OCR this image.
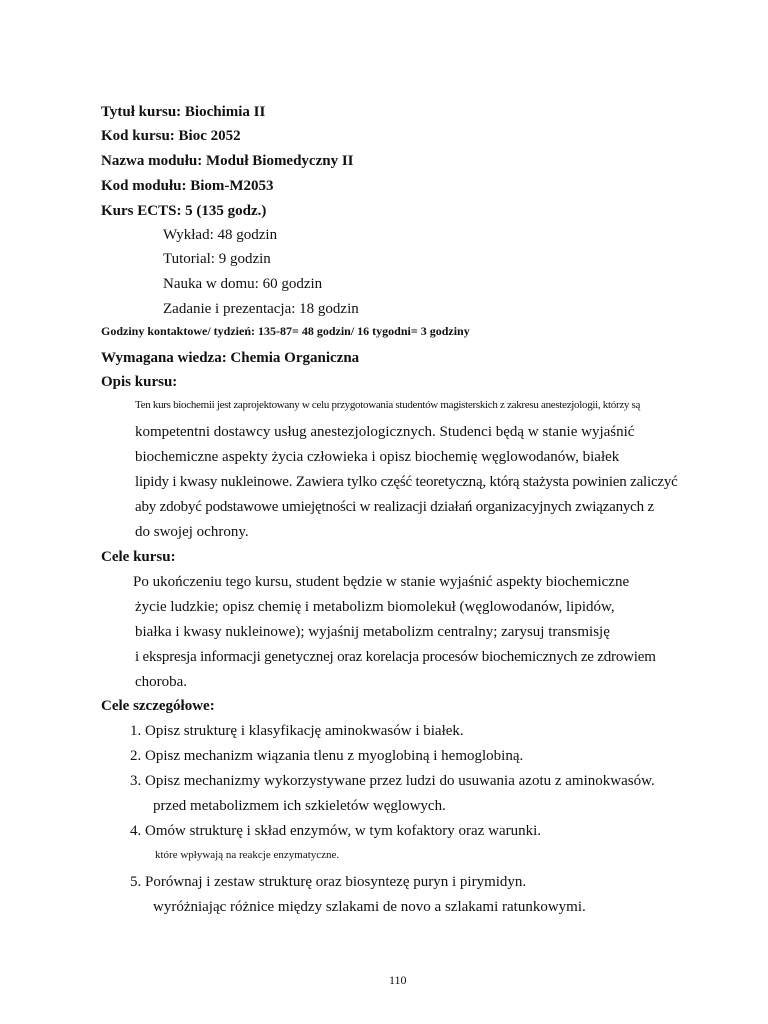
Tytuł kursu: Biochimia II
Kod kursu: Bioc 2052
Nazwa modułu: Moduł Biomedyczny II
Kod modułu: Biom-M2053
Kurs ECTS: 5 (135 godz.)
Wykład: 48 godzin
Tutorial: 9 godzin
Nauka w domu: 60 godzin
Zadanie i prezentacja: 18 godzin
Godziny kontaktowe/ tydzień: 135-87= 48 godzin/ 16 tygodni= 3 godziny
Wymagana wiedza: Chemia Organiczna
Opis kursu:
Ten kurs biochemii jest zaprojektowany w celu przygotowania studentów magisterskich z zakresu anestezjologii, którzy są
kompetentni dostawcy usług anestezjologicznych. Studenci będą w stanie wyjaśnić
biochemiczne aspekty życia człowieka i opisz biochemię węglowodanów, białek
lipidy i kwasy nukleinowe. Zawiera tylko część teoretyczną, którą stażysta powinien zaliczyć
aby zdobyć podstawowe umiejętności w realizacji działań organizacyjnych związanych z
do swojej ochrony.
Cele kursu:
Po ukończeniu tego kursu, student będzie w stanie wyjaśnić aspekty biochemiczne
życie ludzkie; opisz chemię i metabolizm biomolekuł (węglowodanów, lipidów,
białka i kwasy nukleinowe); wyjaśnij metabolizm centralny; zarysuj transmisję
i ekspresja informacji genetycznej oraz korelacja procesów biochemicznych ze zdrowiem
choroba.
Cele szczegółowe:
1. Opisz strukturę i klasyfikację aminokwasów i białek.
2. Opisz mechanizm wiązania tlenu z myoglobiną i hemoglobiną.
3. Opisz mechanizmy wykorzystywane przez ludzi do usuwania azotu z aminokwasów.
przed metabolizmem ich szkieletów węglowych.
4. Omów strukturę i skład enzymów, w tym kofaktory oraz warunki.
które wpływają na reakcje enzymatyczne.
5. Porównaj i zestaw strukturę oraz biosyntezę puryn i pirymidyn.
wyróżniając różnice między szlakami de novo a szlakami ratunkowymi.
110
